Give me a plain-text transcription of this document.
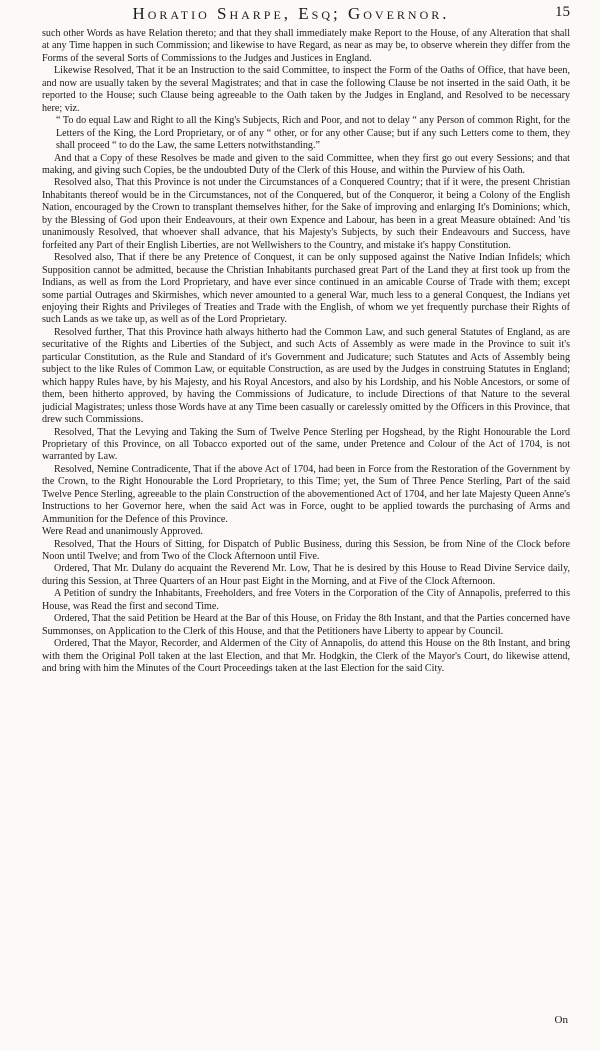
Horatio Sharpe, Esq; Governor.	15

such other Words as have Relation thereto; and that they shall immediately make Report to the House, of any Alteration that shall at any Time happen in such Commission; and likewise to have Regard, as near as may be, to observe wherein they differ from the Forms of the several Sorts of Commissions to the Judges and Justices in England.

Likewise Resolved, That it be an Instruction to the said Committee, to inspect the Form of the Oaths of Office, that have been, and now are usually taken by the several Magistrates; and that in case the following Clause be not inserted in the said Oath, it be reported to the House; such Clause being agreeable to the Oath taken by the Judges in England, and Resolved to be necessary here; viz.

“ To do equal Law and Right to all the King's Subjects, Rich and Poor, and not to delay “ any Person of common Right, for the Letters of the King, the Lord Proprietary, or of any “ other, or for any other Cause; but if any such Letters come to them, they shall proceed “ to do the Law, the same Letters notwithstanding.”

And that a Copy of these Resolves be made and given to the said Committee, when they first go out every Sessions; and that making, and giving such Copies, be the undoubted Duty of the Clerk of this House, and within the Purview of his Oath.

Resolved also, That this Province is not under the Circumstances of a Conquered Country; that if it were, the present Christian Inhabitants thereof would be in the Circumstances, not of the Conquered, but of the Conqueror, it being a Colony of the English Nation, encouraged by the Crown to transplant themselves hither, for the Sake of improving and enlarging It's Dominions; which, by the Blessing of God upon their Endeavours, at their own Expence and Labour, has been in a great Measure obtained: And 'tis unanimously Resolved, that whoever shall advance, that his Majesty's Subjects, by such their Endeavours and Success, have forfeited any Part of their English Liberties, are not Wellwishers to the Country, and mistake it's happy Constitution.

Resolved also, That if there be any Pretence of Conquest, it can be only supposed against the Native Indian Infidels; which Supposition cannot be admitted, because the Christian Inhabitants purchased great Part of the Land they at first took up from the Indians, as well as from the Lord Proprietary, and have ever since continued in an amicable Course of Trade with them; except some partial Outrages and Skirmishes, which never amounted to a general War, much less to a general Conquest, the Indians yet enjoying their Rights and Privileges of Treaties and Trade with the English, of whom we yet frequently purchase their Rights of such Lands as we take up, as well as of the Lord Proprietary.

Resolved further, That this Province hath always hitherto had the Common Law, and such general Statutes of England, as are securitative of the Rights and Liberties of the Subject, and such Acts of Assembly as were made in the Province to suit it's particular Constitution, as the Rule and Standard of it's Government and Judicature; such Statutes and Acts of Assembly being subject to the like Rules of Common Law, or equitable Construction, as are used by the Judges in construing Statutes in England; which happy Rules have, by his Majesty, and his Royal Ancestors, and also by his Lordship, and his Noble Ancestors, or some of them, been hitherto approved, by having the Commissions of Judicature, to include Directions of that Nature to the several judicial Magistrates; unless those Words have at any Time been casually or carelessly omitted by the Officers in this Province, that drew such Commissions.

Resolved, That the Levying and Taking the Sum of Twelve Pence Sterling per Hogshead, by the Right Honourable the Lord Proprietary of this Province, on all Tobacco exported out of the same, under Pretence and Colour of the Act of 1704, is not warranted by Law.

Resolved, Nemine Contradicente, That if the above Act of 1704, had been in Force from the Restoration of the Government by the Crown, to the Right Honourable the Lord Proprietary, to this Time; yet, the Sum of Three Pence Sterling, Part of the said Twelve Pence Sterling, agreeable to the plain Construction of the abovementioned Act of 1704, and her late Majesty Queen Anne's Instructions to her Governor here, when the said Act was in Force, ought to be applied towards the purchasing of Arms and Ammunition for the Defence of this Province.

Were Read and unanimously Approved.

Resolved, That the Hours of Sitting, for Dispatch of Public Business, during this Session, be from Nine of the Clock before Noon until Twelve; and from Two of the Clock Afternoon until Five.

Ordered, That Mr. Dulany do acquaint the Reverend Mr. Low, That he is desired by this House to Read Divine Service daily, during this Session, at Three Quarters of an Hour past Eight in the Morning, and at Five of the Clock Afternoon.

A Petition of sundry the Inhabitants, Freeholders, and free Voters in the Corporation of the City of Annapolis, preferred to this House, was Read the first and second Time.

Ordered, That the said Petition be Heard at the Bar of this House, on Friday the 8th Instant, and that the Parties concerned have Summonses, on Application to the Clerk of this House, and that the Petitioners have Liberty to appear by Council.

Ordered, That the Mayor, Recorder, and Aldermen of the City of Annapolis, do attend this House on the 8th Instant, and bring with them the Original Poll taken at the last Election, and that Mr. Hodgkin, the Clerk of the Mayor's Court, do likewise attend, and bring with him the Minutes of the Court Proceedings taken at the last Election for the said City.

On
